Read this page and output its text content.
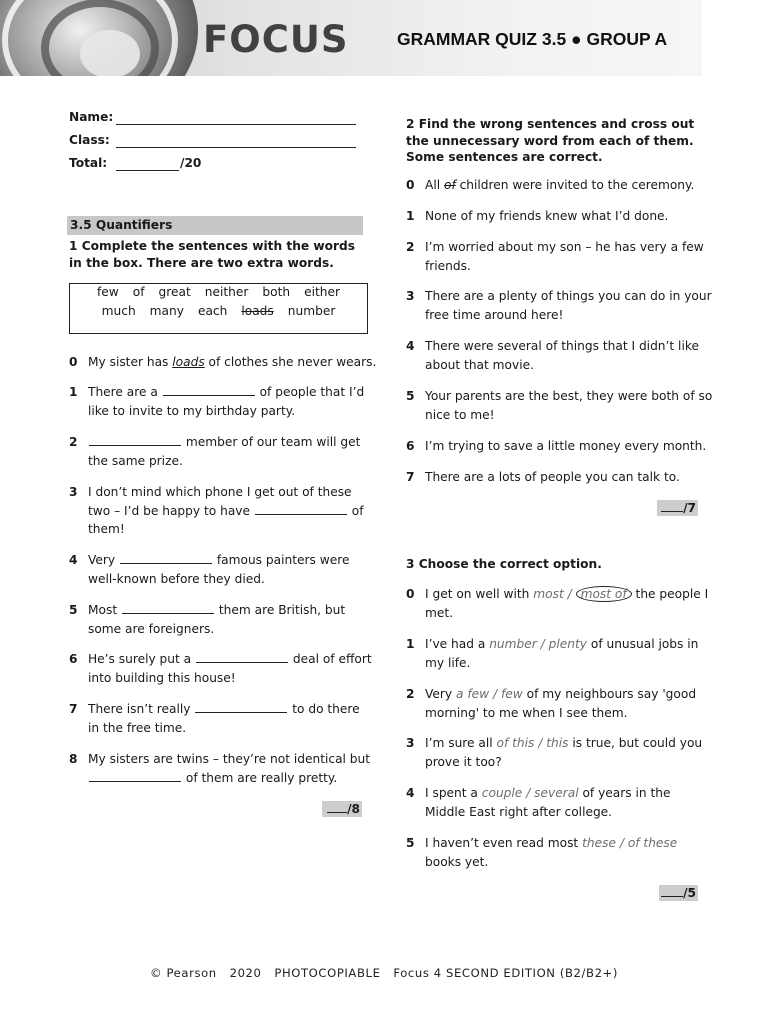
FOCUS	GRAMMAR QUIZ 3.5 ● GROUP A
Name:
Class:
Total:	/20
3.5 Quantifiers
1 Complete the sentences with the words in the box. There are two extra words.
few of great neither both either
much many each loads number
0 My sister has loads of clothes she never wears.
1 There are a	of people that I’d
like to invite to my birthday party.
2	member of our team will get
the same prize.
3 I don’t mind which phone I get out of these
two – I’d be happy to have	of
them!
4 Very	famous painters were
well-known before they died.
5 Most	them are British, but
some are foreigners.
6 He’s surely put a	deal of effort
into building this house!
7 There isn’t really	to do there
in the free time.
8 My sisters are twins – they’re not identical but
of them are really pretty.
/8
2 Find the wrong sentences and cross out the unnecessary word from each of them. Some sentences are correct.
0 All of children were invited to the ceremony.
1 None of my friends knew what I’d done.
2 I’m worried about my son – he has very a few
friends.
3 There are a plenty of things you can do in your
free time around here!
4 There were several of things that I didn’t like
about that movie.
5 Your parents are the best, they were both of so
nice to me!
6 I’m trying to save a little money every month.
7 There are a lots of people you can talk to.
/7
3 Choose the correct option.
0 I get on well with most / most of the people I
met.
1 I’ve had a number / plenty of unusual jobs in
my life.
2 Very a few / few of my neighbours say 'good
morning' to me when I see them.
3 I’m sure all of this / this is true, but could you
prove it too?
4 I spent a couple / several of years in the
Middle East right after college.
5 I haven’t even read most these / of these
books yet.
/5
© Pearson   2020   PHOTOCOPIABLE   Focus 4 SECOND EDITION (B2/B2+)
